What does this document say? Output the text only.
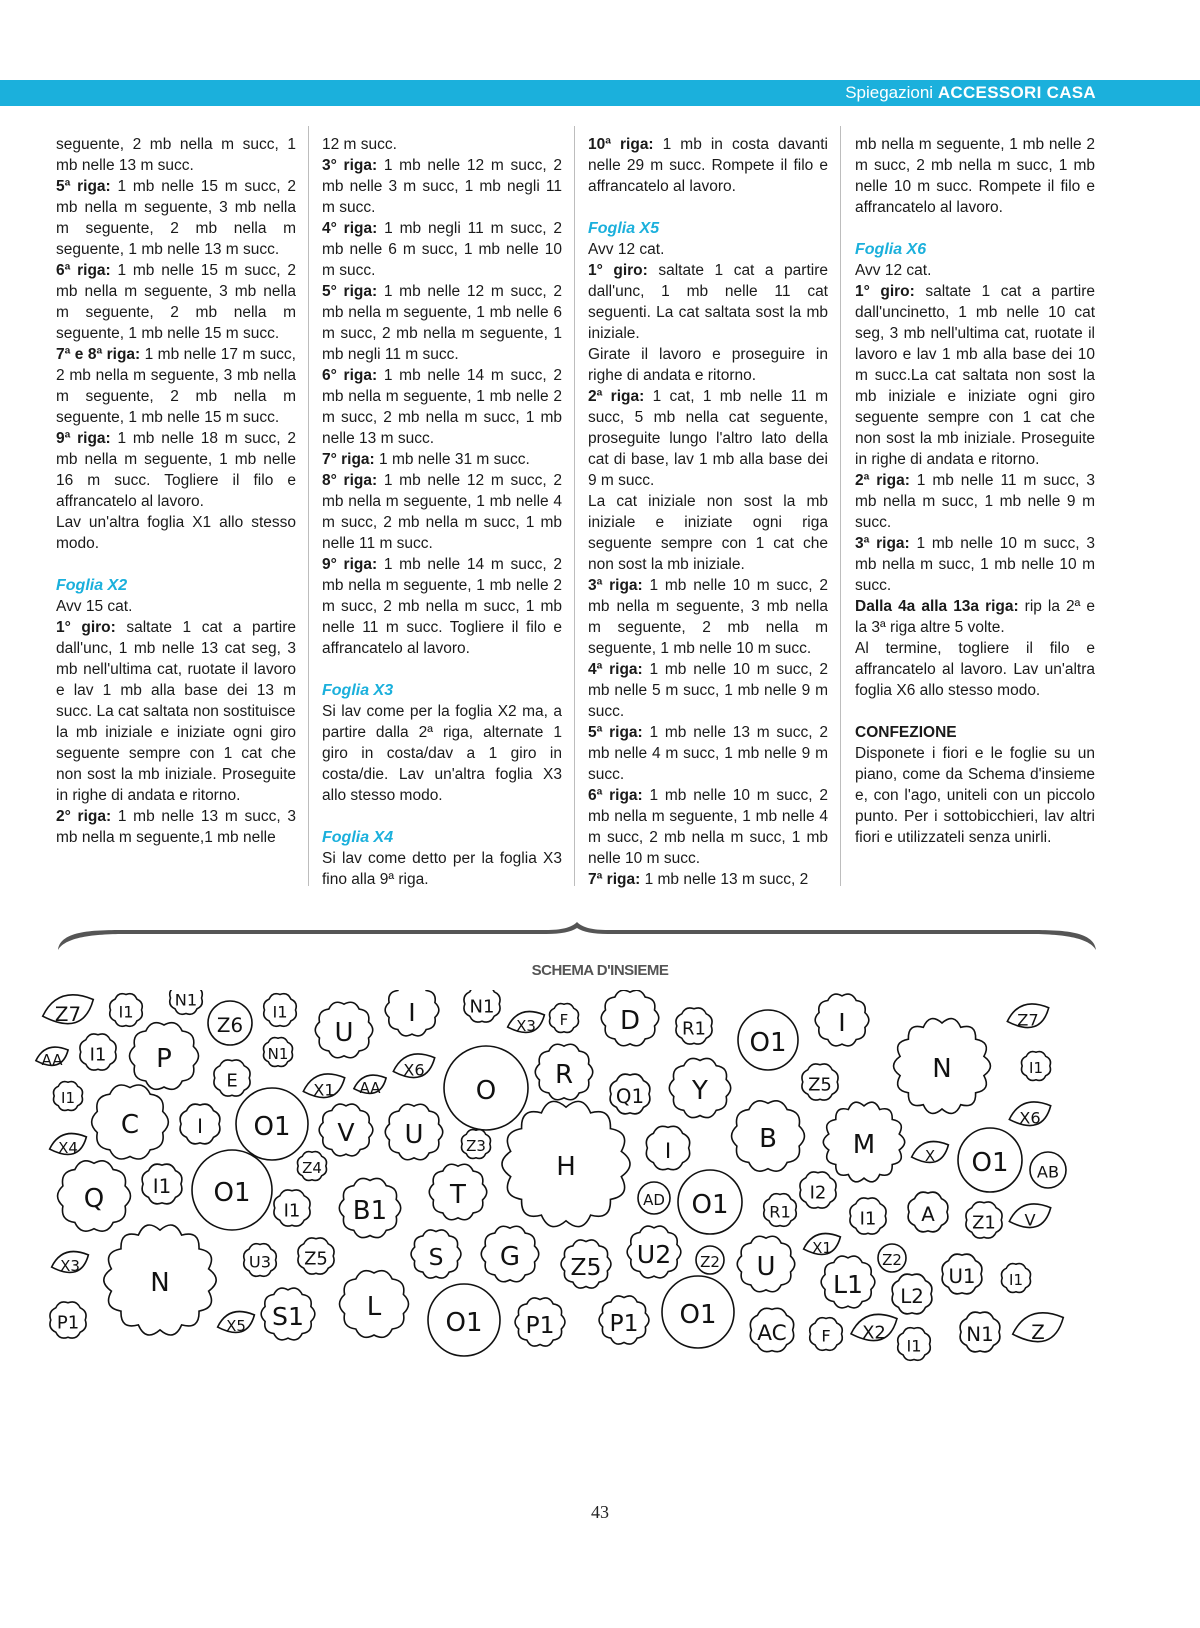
Spiegazioni ACCESSORI CASA

seguente, 2 mb nella m succ, 1 mb nelle 13 m succ.

5ª riga: 1 mb nelle 15 m succ, 2 mb nella m seguente, 3 mb nella m seguente, 2 mb nella m seguente, 1 mb nelle 13 m succ.

6ª riga: 1 mb nelle 15 m succ, 2 mb nella m seguente, 3 mb nella m seguente, 2 mb nella m seguente, 1 mb nelle 15 m succ.

7ª e 8ª riga: 1 mb nelle 17 m succ, 2 mb nella m seguente, 3 mb nella m seguente, 2 mb nella m seguente, 1 mb nelle 15 m succ.

9ª riga: 1 mb nelle 18 m succ, 2 mb nella m seguente, 1 mb nelle 16 m succ. Togliere il filo e affrancatelo al lavoro.

Lav un'altra foglia X1 allo stesso modo.

Foglia X2

Avv 15 cat.

1° giro: saltate 1 cat a partire dall'unc, 1 mb nelle 13 cat seg, 3 mb nell'ultima cat, ruotate il lavoro e lav 1 mb alla base dei 13 m succ. La cat saltata non sostituisce

la mb iniziale e iniziate ogni giro seguente sempre con 1 cat che non sost la mb iniziale. Proseguite in righe di andata e ritorno.

2° riga: 1 mb nelle 13 m succ, 3 mb nella m seguente,1 mb nelle

12 m succ.

3° riga: 1 mb nelle 12 m succ, 2 mb nelle 3 m succ, 1 mb negli 11 m succ.

4° riga: 1 mb negli 11 m succ, 2 mb nelle 6 m succ, 1 mb nelle 10 m succ.

5° riga: 1 mb nelle 12 m succ, 2 mb nella m seguente, 1 mb nelle 6 m succ, 2 mb nella m seguente, 1 mb negli 11 m succ.

6° riga: 1 mb nelle 14 m succ, 2 mb nella m seguente, 1 mb nelle 2 m succ, 2 mb nella m succ, 1 mb nelle 13 m succ.

7° riga: 1 mb nelle 31 m succ.

8° riga: 1 mb nelle 12 m succ, 2 mb nella m seguente, 1 mb nelle 4 m succ, 2 mb nella m succ, 1 mb nelle 11 m succ.

9° riga: 1 mb nelle 14 m succ, 2 mb nella m seguente, 1 mb nelle 2 m succ, 2 mb nella m succ, 1 mb nelle 11 m succ. Togliere il filo e affrancatelo al lavoro.

Foglia X3

Si lav come per la foglia X2 ma, a partire dalla 2ª riga, alternate 1 giro in costa/dav a 1 giro in costa/die. Lav un'altra foglia X3 allo stesso modo.

Foglia X4

Si lav come detto per la foglia X3 fino alla 9ª riga.

10ª riga: 1 mb in costa davanti nelle 29 m succ. Rompete il filo e affrancatelo al lavoro.

Foglia X5

Avv 12 cat.

1° giro: saltate 1 cat a partire dall'unc, 1 mb nelle 11 cat seguenti. La cat saltata sost la mb iniziale.

Girate il lavoro e proseguire in righe di andata e ritorno.

2ª riga: 1 cat, 1 mb nelle 11 m succ, 5 mb nella cat seguente, proseguite lungo l'altro lato della cat di base, lav 1 mb alla base dei 9 m succ.

La cat iniziale non sost la mb iniziale e iniziate ogni riga seguente sempre con 1 cat che non sost la mb iniziale.

3ª riga: 1 mb nelle 10 m succ, 2 mb nella m seguente, 3 mb nella m seguente, 2 mb nella m seguente, 1 mb nelle 10 m succ.

4ª riga: 1 mb nelle 10 m succ, 2 mb nelle 5 m succ, 1 mb nelle 9 m succ.

5ª riga: 1 mb nelle 13 m succ, 2 mb nelle 4 m succ, 1 mb nelle 9 m succ.

6ª riga: 1 mb nelle 10 m succ, 2 mb nella m seguente, 1 mb nelle 4 m succ, 2 mb nella m succ, 1 mb nelle 10 m succ.

7ª riga: 1 mb nelle 13 m succ, 2

mb nella m seguente, 1 mb nelle 2 m succ, 2 mb nella m succ, 1 mb nelle 10 m succ. Rompete il filo e affrancatelo al lavoro.

Foglia X6

Avv 12 cat.

1° giro: saltate 1 cat a partire dall'uncinetto, 1 mb nelle 10 cat seg, 3 mb nell'ultima cat, ruotate il lavoro e lav 1 mb alla base dei 10 m succ.La cat saltata non sost la mb iniziale e iniziate ogni giro seguente sempre con 1 cat che non sost la mb iniziale. Proseguite in righe di andata e ritorno.

2ª riga: 1 mb nelle 11 m succ, 3 mb nella m succ, 1 mb nelle 9 m succ.

3ª riga: 1 mb nelle 10 m succ, 3 mb nella m succ, 1 mb nelle 10 m succ.

Dalla 4a alla 13a riga: rip la 2ª e la 3ª riga altre 5 volte.

Al termine, togliere il filo e affrancatelo al lavoro. Lav un'altra foglia X6 allo stesso modo.

CONFEZIONE

Disponete i fiori e le foglie su un piano, come da Schema d'insieme e, con l'ago, uniteli con un piccolo punto. Per i sottobicchieri, lav altri fiori e utilizzateli senza unirli.

SCHEMA D'INSIEME
Z7 I1
N1
Z6
I1
U
I	N1
X3 F D R1 O1
I
N
Z7
AA I1 P	N1
E
X6
X1 AA	O
R
Q1 Y	Z5
I1
I1
C	I O1 V U
X6
X4	Z3
H
I	B	M	X O1 AB
Q I1 O1
Z4
T	AD O1	I2
R1	I1
B1
I1	A Z1 V
X1
X3	U3 Z5	S G Z5 U2 Z2 U	Z2
U1 I1
N	L1 L2
L
S1
P1	X5	O1 P1 P1 O1
AC F X2
I1 N1 Z
43
